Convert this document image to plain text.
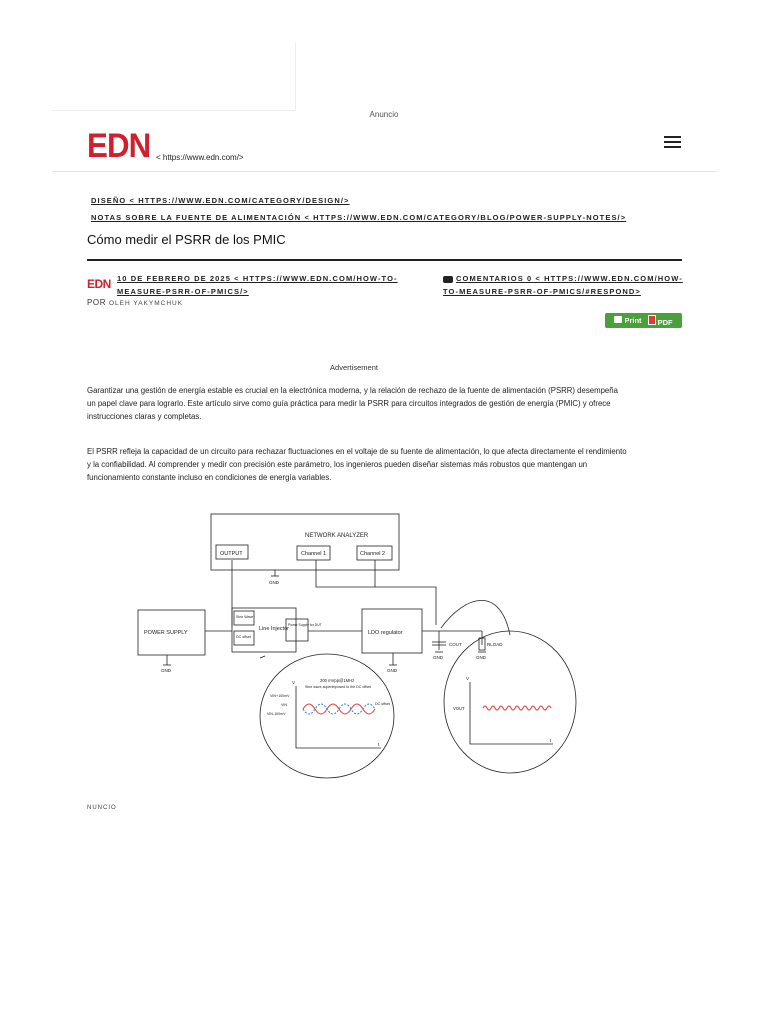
Anuncio
EDN < https://www.edn.com/>
DISEÑO < HTTPS://WWW.EDN.COM/CATEGORY/DESIGN/>
NOTAS SOBRE LA FUENTE DE ALIMENTACIÓN < HTTPS://WWW.EDN.COM/CATEGORY/BLOG/POWER-SUPPLY-NOTES/>
Cómo medir el PSRR de los PMIC
EDN 10 DE FEBRERO DE 2025 < HTTPS://WWW.EDN.COM/HOW-TO-MEASURE-PSRR-OF-PMICS/>
POR OLEH YAKYMCHUK
COMENTARIOS 0 < HTTPS://WWW.EDN.COM/HOW-TO-MEASURE-PSRR-OF-PMICS/#RESPOND>
Print	PDF
Advertisement
Garantizar una gestión de energía estable es crucial en la electrónica moderna, y la relación de rechazo de la fuente de alimentación (PSRR) desempeña un papel clave para lograrlo. Este artículo sirve como guía práctica para medir la PSRR para circuitos integrados de gestión de energía (PMIC) y ofrece instrucciones claras y completas.
El PSRR refleja la capacidad de un circuito para rechazar fluctuaciones en el voltaje de su fuente de alimentación, lo que afecta directamente el rendimiento y la confiabilidad. Al comprender y medir con precisión este parámetro, los ingenieros pueden diseñar sistemas más robustos que mantengan un funcionamiento constante incluso en condiciones de energía variables.
NETWORK ANALYZER
OUTPUT	Channel 1	Channel 2
GND
POWER SUPPLY
GND
Sine Wave
DC offset
Line Injector
Power Supply for DUT
LDO regulator
GND
COUT	RLOAD
GND	GND
200 mVpp@1MHz
Sine wave superimposed to the DC offset
VIN+100mV
VIN
VIN-100mV
DC offset
V
t
VOUT
V
t
NUNCIO
